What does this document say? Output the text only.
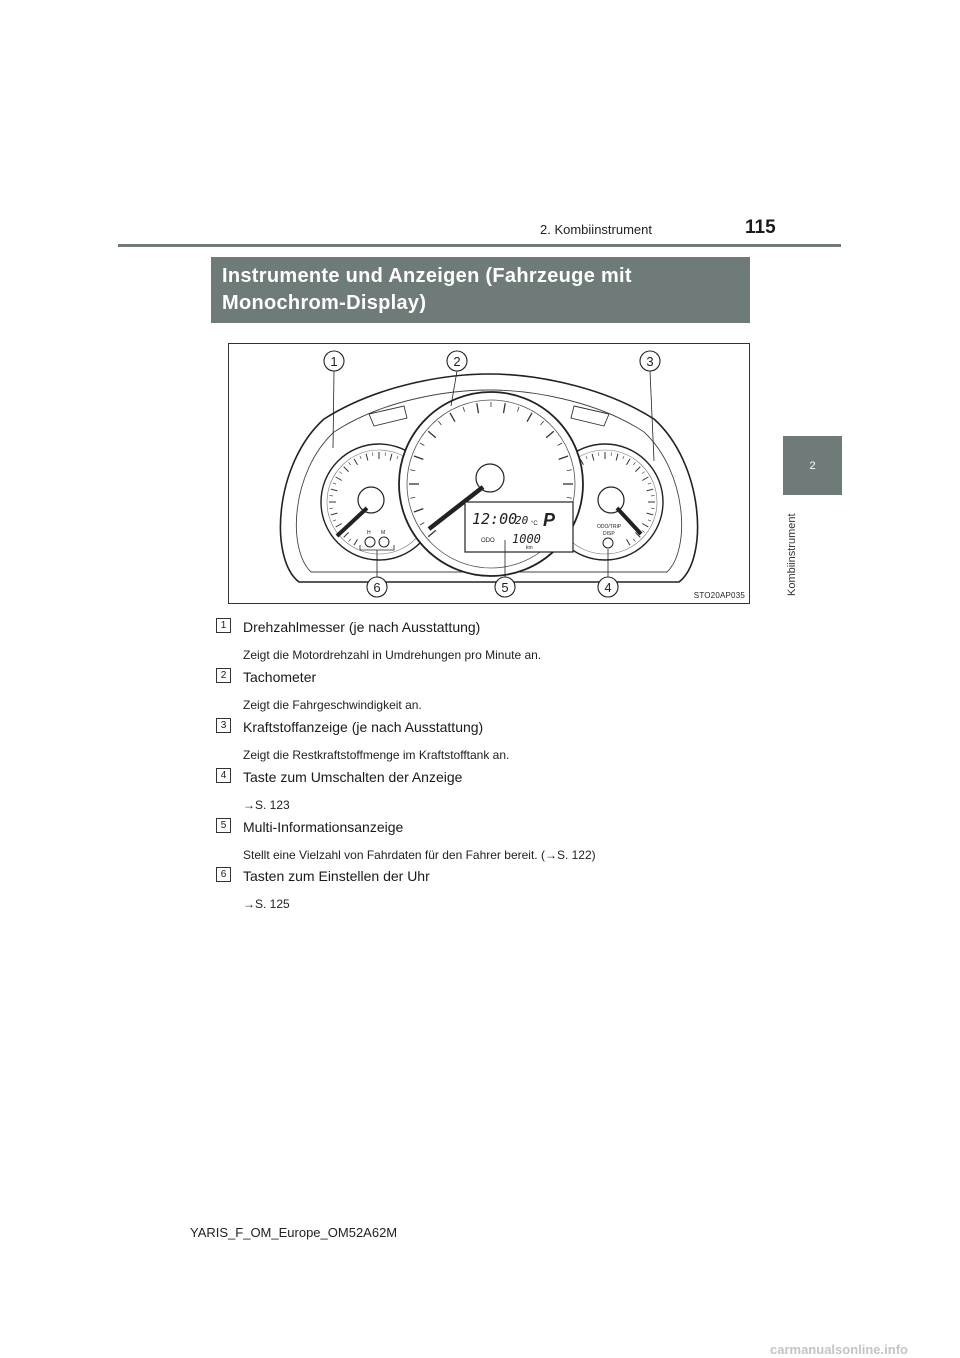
2. Kombiinstrument	115
2
Kombiinstrument
Instrumente und Anzeigen (Fahrzeuge mit Monochrom-Display)
12:00
20 °C P
ODO 1000
km
H M
ODO/TRIP
DISP
1	2	3
4
5
6
STO20AP035
1	Drehzahlmesser (je nach Ausstattung)
Zeigt die Motordrehzahl in Umdrehungen pro Minute an.
2	Tachometer
Zeigt die Fahrgeschwindigkeit an.
3	Kraftstoffanzeige (je nach Ausstattung)
Zeigt die Restkraftstoffmenge im Kraftstofftank an.
4	Taste zum Umschalten der Anzeige
→S. 123
5	Multi-Informationsanzeige
Stellt eine Vielzahl von Fahrdaten für den Fahrer bereit. (→S. 122)
6	Tasten zum Einstellen der Uhr
→S. 125
YARIS_F_OM_Europe_OM52A62M
carmanualsonline.info
